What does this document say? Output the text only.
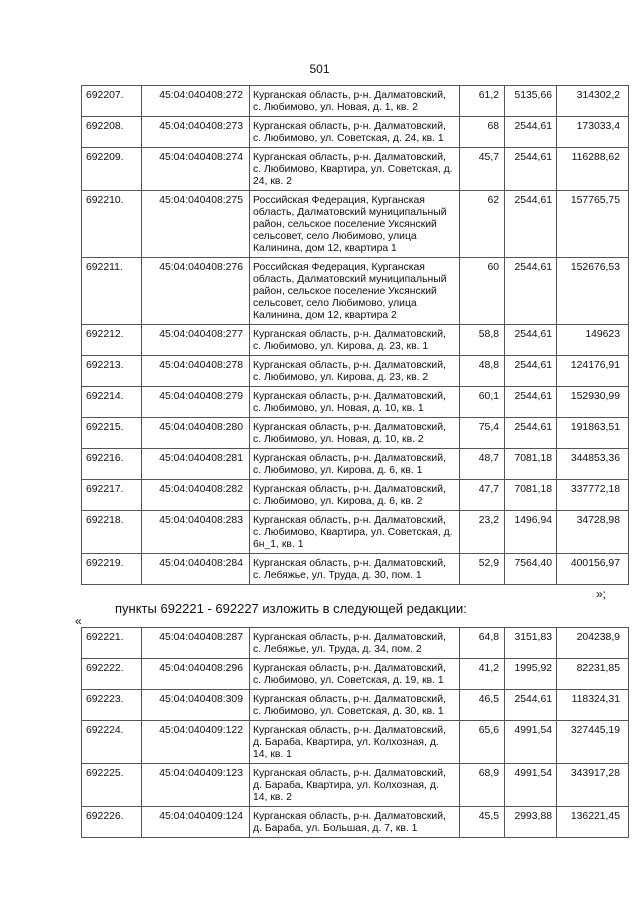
501
692207.	45:04:040408:272	Курганская область, р-н. Далматовский, с. Любимово, ул. Новая, д. 1, кв. 2	61,2	5135,66	314302,2
692208.	45:04:040408:273	Курганская область, р-н. Далматовский, с. Любимово, ул. Советская, д. 24, кв. 1	68	2544,61	173033,4
692209.	45:04:040408:274	Курганская область, р-н. Далматовский, с. Любимово, Квартира, ул. Советская, д. 24, кв. 2	45,7	2544,61	116288,62
692210.	45:04:040408:275	Российская Федерация, Курганская область, Далматовский муниципальный район, сельское поселение Уксянский сельсовет, село Любимово, улица Калинина, дом 12, квартира 1	62	2544,61	157765,75
692211.	45:04:040408:276	Российская Федерация, Курганская область, Далматовский муниципальный район, сельское поселение Уксянский сельсовет, село Любимово, улица Калинина, дом 12, квартира 2	60	2544,61	152676,53
692212.	45:04:040408:277	Курганская область, р-н. Далматовский, с. Любимово, ул. Кирова, д. 23, кв. 1	58,8	2544,61	149623
692213.	45:04:040408:278	Курганская область, р-н. Далматовский, с. Любимово, ул. Кирова, д. 23, кв. 2	48,8	2544,61	124176,91
692214.	45:04:040408:279	Курганская область, р-н. Далматовский, с. Любимово, ул. Новая, д. 10, кв. 1	60,1	2544,61	152930,99
692215.	45:04:040408:280	Курганская область, р-н. Далматовский, с. Любимово, ул. Новая, д. 10, кв. 2	75,4	2544,61	191863,51
692216.	45:04:040408:281	Курганская область, р-н. Далматовский, с. Любимово, ул. Кирова, д. 6, кв. 1	48,7	7081,18	344853,36
692217.	45:04:040408:282	Курганская область, р-н. Далматовский, с. Любимово, ул. Кирова, д. 6, кв. 2	47,7	7081,18	337772,18
692218.	45:04:040408:283	Курганская область, р-н. Далматовский, с. Любимово, Квартира, ул. Советская, д. 6н_1, кв. 1	23,2	1496,94	34728,98
692219.	45:04:040408:284	Курганская область, р-н. Далматовский, с. Лебяжье, ул. Труда, д. 30, пом. 1	52,9	7564,40	400156,97
»;
пункты 692221 - 692227 изложить в следующей редакции:
«
692221.	45:04:040408:287	Курганская область, р-н. Далматовский, с. Лебяжье, ул. Труда, д. 34, пом. 2	64,8	3151,83	204238,9
692222.	45:04:040408:296	Курганская область, р-н. Далматовский, с. Любимово, ул. Советская, д. 19, кв. 1	41,2	1995,92	82231,85
692223.	45:04:040408:309	Курганская область, р-н. Далматовский, с. Любимово, ул. Советская, д. 30, кв. 1	46,5	2544,61	118324,31
692224.	45:04:040409:122	Курганская область, р-н. Далматовский, д. Бараба, Квартира, ул. Колхозная, д. 14, кв. 1	65,6	4991,54	327445,19
692225.	45:04:040409:123	Курганская область, р-н. Далматовский, д. Бараба, Квартира, ул. Колхозная, д. 14, кв. 2	68,9	4991,54	343917,28
692226.	45:04:040409:124	Курганская область, р-н. Далматовский, д. Бараба, ул. Большая, д. 7, кв. 1	45,5	2993,88	136221,45
